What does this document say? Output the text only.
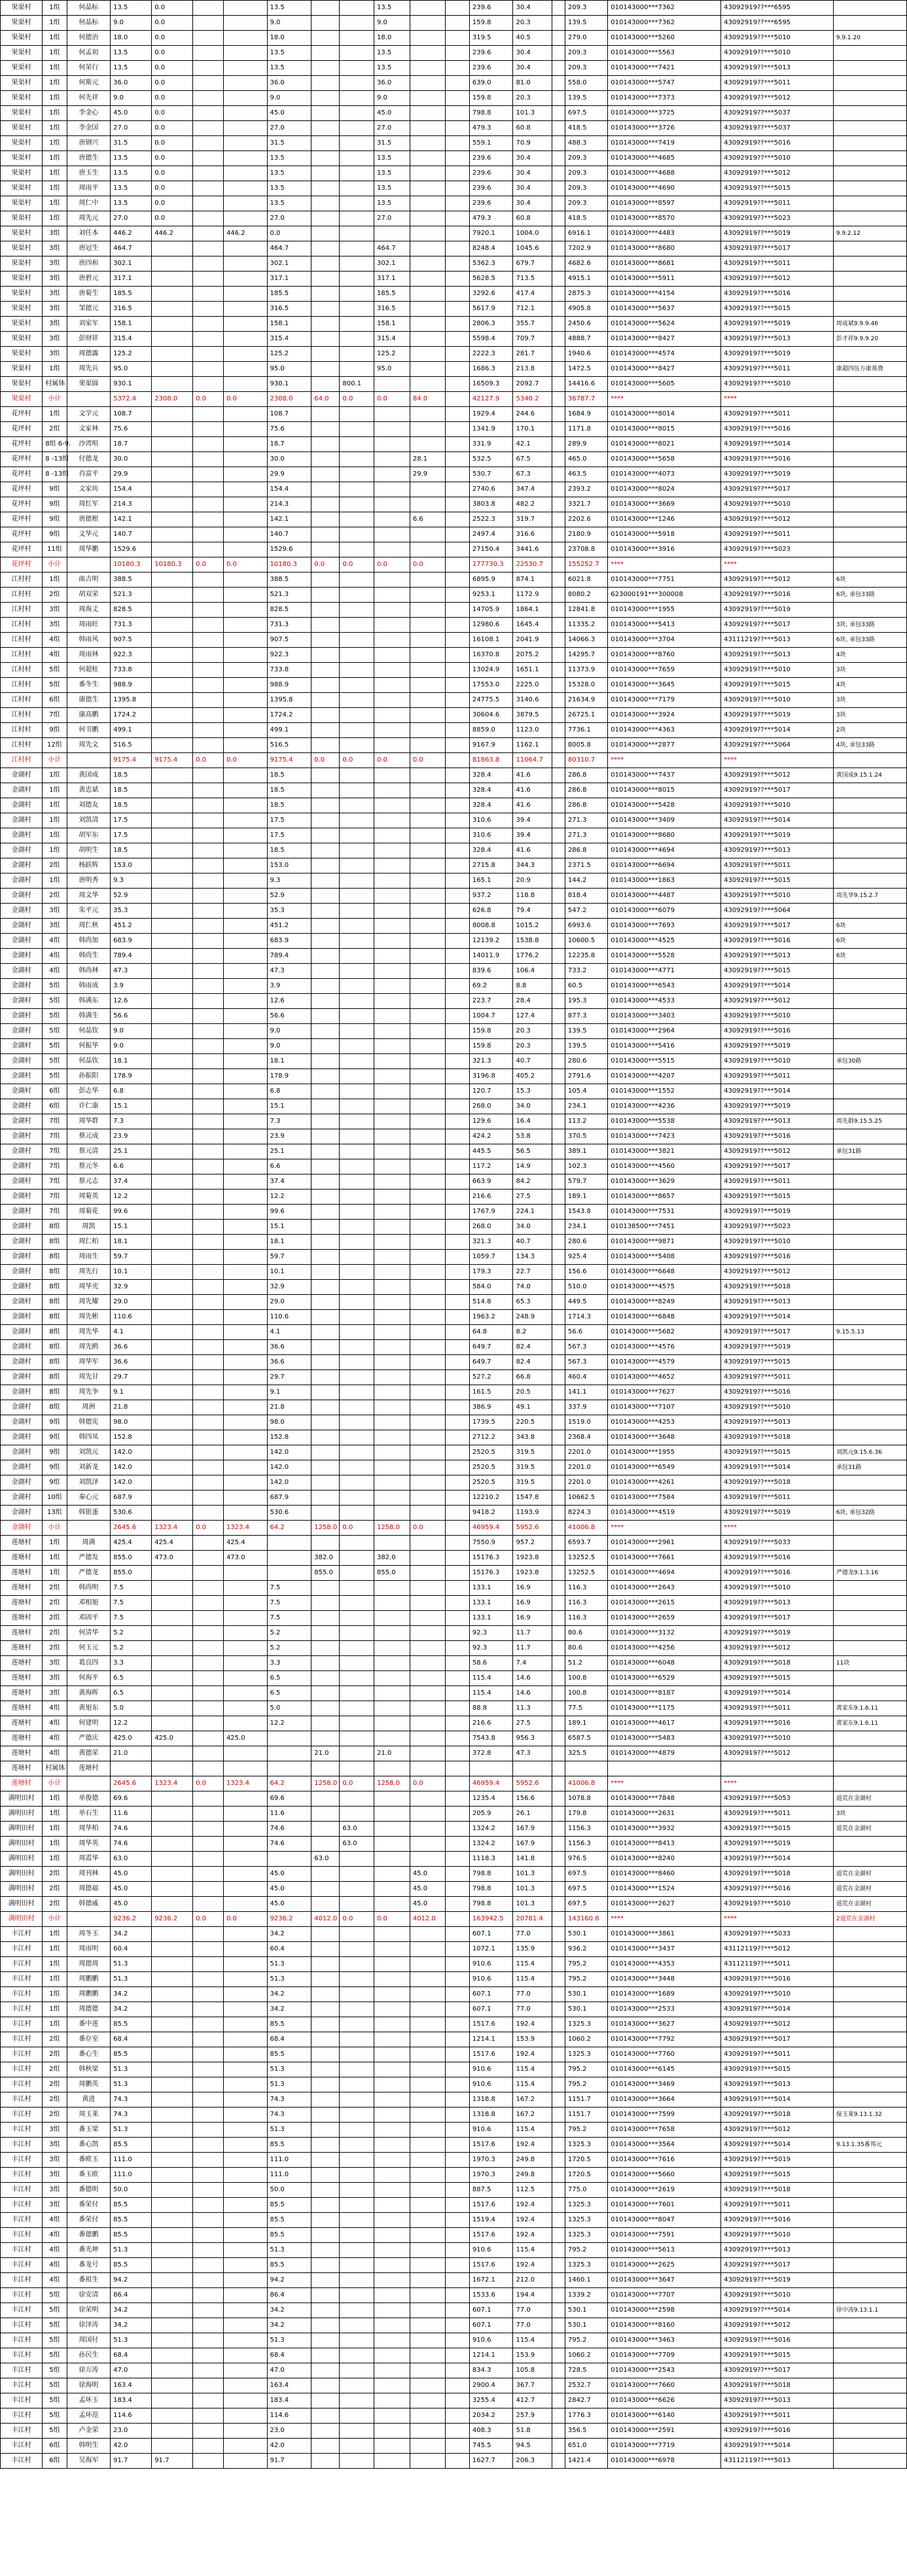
果渠村	1组	何晶标	13.5	0.0			13.5			13.5			239.6	30.4		209.3	010143000***7362	43092919??***6595	
果渠村	1组	何晶标	9.0	0.0			9.0			9.0			159.8	20.3		139.5	010143000***7362	43092919??***6595	
果渠村	1组	何德治	18.0	0.0			18.0			18.0			319.5	40.5		279.0	010143000***5260	43092919??***5010	9.9.1.20
果渠村	1组	何孟初	13.5	0.0			13.5			13.5			239.6	30.4		209.3	010143000***5563	43092919??***5010	
果渠村	1组	何荣行	13.5	0.0			13.5			13.5			239.6	30.4		209.3	010143000***7421	43092919??***5013	
果渠村	1组	何斯元	36.0	0.0			36.0			36.0			639.0	81.0		558.0	010143000***5747	43092919??***5011	
果渠村	1组	何先祥	9.0	0.0			9.0			9.0			159.8	20.3		139.5	010143000***7373	43092919??***5012	
果渠村	1组	李金心	45.0	0.0			45.0			45.0			798.8	101.3		697.5	010143000***3725	43092919??***5037	
果渠村	1组	李金国	27.0	0.0			27.0			27.0			479.3	60.8		418.5	010143000***3726	43092919??***5037	
果渠村	1组	唐钢兴	31.5	0.0			31.5			31.5			559.1	70.9		488.3	010143000***7419	43092919??***5016	
果渠村	1组	唐德生	13.5	0.0			13.5			13.5			239.6	30.4		209.3	010143000***4685	43092919??***5010	
果渠村	1组	唐玉生	13.5	0.0			13.5			13.5			239.6	30.4		209.3	010143000***4688	43092919??***5012	
果渠村	1组	周雨平	13.5	0.0			13.5			13.5			239.6	30.4		209.3	010143000***4690	43092919??***5015	
果渠村	1组	周仁中	13.5	0.0			13.5			13.5			239.6	30.4		209.3	010143000***8597	43092919??***5011	
果渠村	1组	周先元	27.0	0.0			27.0			27.0			479.3	60.8		418.5	010143000***8570	43092919??***5023	
果渠村	3组	刘任本	446.2	446.2		446.2	0.0						7920.1	1004.0		6916.1	010143000***4483	43092919??***5019	9.9.2.12
果渠村	3组	唐冠生	464.7				464.7			464.7			8248.4	1045.6		7202.9	010143000***8680	43092919??***5017	
果渠村	3组	唐四和	302.1				302.1			302.1			5362.3	679.7		4682.6	010143000***8681	43092919??***5011	
果渠村	3组	唐碧元	317.1				317.1			317.1			5628.5	713.5		4915.1	010143000***5911	43092919??***5012	
果渠村	3组	唐菊生	185.5				185.5			185.5			3292.6	417.4		2875.3	010143000***4154	43092919??***5016	
果渠村	3组	邹德元	316.5				316.5			316.5			5617.9	712.1		4905.8	010143000***5637	43092919??***5015	
果渠村	3组	刘家军	158.1				158.1			158.1			2806.3	355.7		2450.6	010143000***5624	43092919??***5019	周成斌9.9.9.46
果渠村	3组	彭财祥	315.4				315.4			315.4			5598.4	709.7		4888.7	010143000***8427	43092919??***5013	彭才祥9.9.9.20
果渠村	3组	周德露	125.2				125.2			125.2			2222.3	281.7		1940.6	010143000***4574	43092919??***5019	
果渠村	1组	周先兵	95.0				95.0			95.0			1686.3	213.8		1472.5	010143000***8427	43092919??***5011	康超四伍方康基费
果渠村	村属体	果渠圆	930.1				930.1		800.1				16509.3	2092.7		14416.6	010143000***5605	43092919??***5010	
果渠村	小计		5372.4	2308.0	0.0	0.0	2308.0	64.0	0.0	0.0	84.0		42127.9	5340.2		36787.7	****	****	
花坪村	1组	文学元	108.7				108.7						1929.4	244.6		1684.9	010143000***8014	43092919??***5011	
花坪村	2组	文家林	75.6				75.6						1341.9	170.1		1171.8	010143000***8015	43092919??***5016	
花坪村	8组 6-9.	沙湾咀	18.7				18.7						331.9	42.1		289.9	010143000***8021	43092919??***5014	
花坪村	8 -13组	付德龙	30.0				30.0				28.1		532.5	67.5		465.0	010143000***5658	43092919??***5016	
花坪村	8 -13组	肖富平	29.9				29.9				29.9		530.7	67.3		463.5	010143000***4073	43092919??***5019	
花坪村	9组	文家坊	154.4				154.4						2740.6	347.4		2393.2	010143000***8024	43092919??***5017	
花坪村	9组	周红军	214.3				214.3						3803.8	482.2		3321.7	010143000***3669	43092919??***5010	
花坪村	9组	唐德根	142.1				142.1				6.6		2522.3	319.7		2202.6	010143000***1246	43092919??***5012	
花坪村	9组	文华元	140.7				140.7						2497.4	316.6		2180.9	010143000***5918	43092919??***5011	
花坪村	11组	周华鹏	1529.6				1529.6						27150.4	3441.6		23708.8	010143000***3916	43092919??***5023	
花坪村	小计		10180.3	10180.3	0.0	0.0	10180.3	0.0	0.0	0.0	0.0		177730.3	22530.7		155252.7	****	****	
江村村	1组	曲吉明	388.5				388.5						6895.9	874.1		6021.8	010143000***7751	43092919??***5012	6块
江村村	2组	胡双荣	521.3				521.3						9253.1	1172.9		8080.2	623000191***300008	43092919??***5016	6块, 承包33路
江村村	3组	周海丈	828.5				828.5						14705.9	1864.1		12841.8	010143000***1955	43092919??***5019	
江村村	3组	周雨旺	731.3				731.3						12980.6	1645.4		11335.2	010143000***5413	43092919??***5017	3块, 承包33路
江村村	4组	韩雨风	907.5				907.5						16108.1	2041.9		14066.3	010143000***3704	43111219??***5013	6块, 承包33路
江村村	4组	周雨林	922.3				922.3						16370.8	2075.2		14295.7	010143000***8760	43092919??***5013	4块
江村村	5组	何超桂	733.8				733.8						13024.9	1651.1		11373.9	010143000***7659	43092919??***5010	3块
江村村	5组	番冬生	988.9				988.9						17553.0	2225.0		15328.0	010143000***3645	43092919??***5015	4块
江村村	6组	康德生	1395.8				1395.8						24775.5	3140.6		21634.9	010143000***7179	43092919??***5010	3块
江村村	7组	康高鹏	1724.2				1724.2						30604.6	3879.5		26725.1	010143000***3924	43092919??***5019	3块
江村村	9组	何书鹏	499.1				499.1						8859.0	1123.0		7736.1	010143000***4363	43092919??***5014	2块
江村村	12组	周先文	516.5				516.5						9167.9	1162.1		8005.8	010143000***2877	43092919??***5064	4块, 承包33路
江村村	小计		9175.4	9175.4	0.0	0.0	9175.4	0.0	0.0	0.0	0.0		81863.8	11064.7		80310.7	****	****	
金湖村	1组	黄国成	18.5				18.5						328.4	41.6		286.8	010143000***7437	43092919??***5012	黄国成9.15.1.24
金湖村	1组	黄忠斌	18.5				18.5						328.4	41.6		286.8	010143000***8015	43092919??***5017	
金湖村	1组	刘德友	18.5				18.5						328.4	41.6		286.8	010143000***5428	43092919??***5010	
金湖村	1组	刘凯清	17.5				17.5						310.6	39.4		271.3	010143000***3409	43092919??***5014	
金湖村	1组	胡军东	17.5				17.5						310.6	39.4		271.3	010143000***8680	43092919??***5019	
金湖村	1组	胡明生	18.5				18.5						328.4	41.6		286.8	010143000***4694	43092919??***5013	
金湖村	2组	杨跃辉	153.0				153.0						2715.8	344.3		2371.5	010143000***6694	43092919??***5011	
金湖村	1组	唐明秀	9.3				9.3						165.1	20.9		144.2	010143000***1863	43092919??***5015	
金湖村	2组	周文华	52.9				52.9						937.2	118.8		818.4	010143000***4487	43092919??***5010	周先华9.15.2.7
金湖村	3组	朱平元	35.3				35.3						626.8	79.4		547.2	010143000***6079	43092919??***5064	
金湖村	3组	周仁秋	451.2				451.2						8008.8	1015.2		6993.6	010143000***7693	43092919??***5017	6块
金湖村	4组	韩尚加	683.9				683.9						12139.2	1538.8		10600.5	010143000***4525	43092919??***5016	6块
金湖村	4组	韩尚生	789.4				789.4						14011.9	1776.2		12235.8	010143000***5528	43092919??***5013	6块
金湖村	4组	韩尚林	47.3				47.3						839.6	106.4		733.2	010143000***4771	43092919??***5015	
金湖村	5组	韩雨成	3.9				3.9						69.2	8.8		60.5	010143000***6543	43092919??***5014	
金湖村	5组	韩满东	12.6				12.6						223.7	28.4		195.3	010143000***4533	43092919??***5012	
金湖村	5组	韩满生	56.6				56.6						1004.7	127.4		877.3	010143000***3403	43092919??***5010	
金湖村	5组	何晶钦	9.0				9.0						159.8	20.3		139.5	010143000***2964	43092919??***5016	
金湖村	5组	何振华	9.0				9.0						159.8	20.3		139.5	010143000***5416	43092919??***5019	
金湖村	5组	何晶钦	18.1				18.1						321.3	40.7		280.6	010143000***5515	43092919??***5010	承包30路
金湖村	5组	孙振阳	178.9				178.9						3196.8	405.2		2791.6	010143000***4207	43092919??***5011	
金湖村	6组	彭志华	6.8				6.8						120.7	15.3		105.4	010143000***1552	43092919??***5014	
金湖村	6组	许仁康	15.1				15.1						268.0	34.0		234.1	010143000***4236	43092919??***5019	
金湖村	7组	周华群	7.3				7.3						129.6	16.4		113.2	010143000***5538	43092919??***5013	周先群9.15.5.25
金湖村	7组	蔡元成	23.9				23.9						424.2	53.8		370.5	010143000***7423	43092919??***5016	
金湖村	7组	蔡元清	25.1				25.1						445.5	56.5		389.1	010143000***3821	43092919??***5012	承包31路
金湖村	7组	蔡元冬	6.6				6.6						117.2	14.9		102.3	010143000***4560	43092919??***5017	
金湖村	7组	蔡元志	37.4				37.4						663.9	84.2		579.7	010143000***3629	43092919??***5011	
金湖村	7组	周菊英	12.2				12.2						216.6	27.5		189.1	010143000***8657	43092919??***5015	
金湖村	7组	周菊花	99.6				99.6						1767.9	224.1		1543.8	010143000***7531	43092919??***5019	
金湖村	8组	周凯	15.1				15.1						268.0	34.0		234.1	010138500***7451	43092919??***5023	
金湖村	8组	周仁柏	18.1				18.1						321.3	40.7		280.6	010143000***9871	43092919??***5010	
金湖村	8组	周雨生	59.7				59.7						1059.7	134.3		925.4	010143000***5408	43092919??***5016	
金湖村	8组	周先行	10.1				10.1						179.3	22.7		156.6	010143000***6648	43092919??***5012	
金湖村	8组	周华光	32.9				32.9						584.0	74.0		510.0	010143000***4575	43092919??***5018	
金湖村	8组	周先耀	29.0				29.0						514.8	65.3		449.5	010143000***8249	43092919??***5013	
金湖村	8组	周先彬	110.6				110.6						1963.2	248.9		1714.3	010143000***6848	43092919??***5014	
金湖村	8组	周先华	4.1				4.1						64.8	8.2		56.6	010143000***5682	43092919??***5017	9.15.5.13
金湖村	8组	周先鸥	36.6				36.6						649.7	82.4		567.3	010143000***4576	43092919??***5019	
金湖村	8组	周华军	36.6				36.6						649.7	82.4		567.3	010143000***4579	43092919??***5015	
金湖村	8组	周先甘	29.7				29.7						527.2	66.8		460.4	010143000***4652	43092919??***5011	
金湖村	8组	周先争	9.1				9.1						161.5	20.5		141.1	010143000***7627	43092919??***5016	
金湖村	8组	周洲	21.8				21.8						386.9	49.1		337.9	010143000***7107	43092919??***5010	
金湖村	9组	韩德宪	98.0				98.0						1739.5	220.5		1519.0	010143000***4253	43092919??***5013	
金湖村	9组	韩四凤	152.8				152.8						2712.2	343.8		2368.4	010143000***3648	43092919??***5018	
金湖村	9组	刘凯元	142.0				142.0						2520.5	319.5		2201.0	010143000***1955	43092919??***5015	刘凯元9.15.6.36
金湖村	9组	刘新龙	142.0				142.0						2520.5	319.5		2201.0	010143000***6549	43092919??***5014	承包31路
金湖村	9组	刘凯泽	142.0				142.0						2520.5	319.5		2201.0	010143000***4261	43092919??***5018	
金湖村	10组	秦心元	687.9				687.9						12210.2	1547.8		10662.5	010143000***7584	43092919??***5011	
金湖村	13组	韩银蛋	530.6				530.6						9418.2	1193.9		8224.3	010143000***4519	43092919??***5019	6块, 承包32路
金湖村	小计		2645.6	1323.4	0.0	1323.4	64.2	1258.0	0.0	1258.0	0.0		46959.4	5952.6		41006.8	****	****	
莲塘村	1组	周满	425.4	425.4		425.4							7550.9	957.2		6593.7	010143000***2961	43092919??***5033	
莲塘村	1组	严德发	855.0	473.0		473.0		382.0		382.0			15176.3	1923.8		13252.5	010143000***7661	43092919??***5016	
莲塘村	1组	严德龙	855.0					855.0		855.0			15176.3	1923.8		13252.5	010143000***4694	43092919??***5016	严德龙9.1.3.16
莲塘村	2组	韩尚明	7.5				7.5						133.1	16.9		116.3	010143000***2643	43092919??***5010	
莲塘村	2组	邓相旭	7.5				7.5						133.1	16.9		116.3	010143000***2615	43092919??***5013	
莲塘村	2组	邓固平	7.5				7.5						133.1	16.9		116.3	010143000***2659	43092919??***5017	
莲塘村	2组	何清华	5.2				5.2						92.3	11.7		80.6	010143000***3132	43092919??***5019	
莲塘村	2组	何玉元	5.2				5.2						92.3	11.7		80.6	010143000***4256	43092919??***5012	
莲塘村	3组	葛良四	3.3				3.3						58.6	7.4		51.2	010143000***6048	43092919??***5018	11块
莲塘村	3组	何海平	6.5				6.5						115.4	14.6		100.8	010143000***6529	43092919??***5015	
莲塘村	3组	黄海晖	6.5				6.5						115.4	14.6		100.8	010143000***8187	43092919??***5014	
莲塘村	4组	黄旭东	5.0				5.0						88.8	11.3		77.5	010143000***1175	43092919??***5011	黄家东9.1.6.11
莲塘村	4组	何建明	12.2				12.2						216.6	27.5		189.1	010143000***4617	43092919??***5016	黄家东9.1.6.11
莲塘村	4组	严德庆	425.0	425.0		425.0							7543.8	956.3		6587.5	010143000***5483	43092919??***5010	
莲塘村	4组	黄德荣	21.0					21.0		21.0			372.8	47.3		325.5	010143000***4879	43092919??***5012	
莲塘村	村属体	莲塘村																	
莲塘村	小计		2645.6	1323.4	0.0	1323.4	64.2	1258.0	0.0	1258.0	0.0		46959.4	5952.6		41006.8	****	****	
满明田村	1组	单俊德	69.6				69.6						1235.4	156.6		1078.8	010143000***7848	43092919??***5053	道荒在金湖村
满明田村	1组	单石生	11.6				11.6						205.9	26.1		179.8	010143000***2631	43092919??***5011	3块
满明田村	1组	周华柏	74.6				74.6		63.0				1324.2	167.9		1156.3	010143000***3932	43092919??***5015	道荒在金湖村
满明田村	1组	周华英	74.6				74.6		63.0				1324.2	167.9		1156.3	010143000***8413	43092919??***5019	
满明田村	1组	周霞华	63.0					63.0					1118.3	141.8		976.5	010143000***8240	43092919??***5014	
满明田村	2组	周刊林	45.0				45.0				45.0		798.8	101.3		697.5	010143000***8460	43092919??***5018	道荒在金湖村
满明田村	2组	周德福	45.0				45.0				45.0		798.8	101.3		697.5	010143000***1524	43092919??***5016	道荒在金湖村
满明田村	2组	韩德威	45.0				45.0				45.0		798.8	101.3		697.5	010143000***2627	43092919??***5010	道荒在金湖村
满明田村	小计		9236.2	9236.2	0.0	0.0	9236.2	4012.0	0.0	0.0	4012.0		163942.5	20781.4		143160.8	****	****	2道荒在金湖村
丰江村	1组	周冬玉	34.2				34.2						607.1	77.0		530.1	010143000***3861	43092919??***5033	
丰江村	1组	周雨明	60.4				60.4						1072.1	135.9		936.2	010143000***3437	43112119??***5012	
丰江村	1组	周德周	51.3				51.3						910.6	115.4		795.2	010143000***4353	43112119??***5011	
丰江村	1组	周鹏鹏	51.3				51.3						910.6	115.4		795.2	010143000***3448	43092919??***5016	
丰江村	1组	周鹏鹏	34.2				34.2						607.1	77.0		530.1	010143000***1689	43092919??***5010	
丰江村	1组	周德德	34.2				34.2						607.1	77.0		530.1	010143000***2533	43092919??***5014	
丰江村	1组	番中莲	85.5				85.5						1517.6	192.4		1325.3	010143000***3627	43092919??***5012	
丰江村	2组	番存室	68.4				68.4						1214.1	153.9		1060.2	010143000***7792	43092919??***5017	
丰江村	2组	番心生	85.5				85.5						1517.6	192.4		1325.3	010143000***7760	43092919??***5011	
丰江村	2组	韩秋梁	51.3				51.3						910.6	115.4		795.2	010143000***6145	43092919??***5015	
丰江村	2组	周鹏英	51.3				51.3						910.6	115.4		795.2	010143000***3469	43092919??***5013	
丰江村	2组	黄进	74.3				74.3						1318.8	167.2		1151.7	010143000***3664	43092919??***5014	
丰江村	2组	周玉莱	74.3				74.3						1318.8	167.2		1151.7	010143000***7599	43092919??***5018	保玉莱9.13.1.32
丰江村	3组	番玉梁	51.3				51.3						910.6	115.4		795.2	010143000***7658	43092919??***5012	
丰江村	3组	番心凯	85.5				85.5						1517.6	192.4		1325.3	010143000***3564	43092919??***5014	9.13.1.35番邦元
丰江村	3组	番欧玉	111.0				111.0						1970.3	249.8		1720.5	010143000***7616	43092919??***5019	
丰江村	3组	番玉欧	111.0				111.0						1970.3	249.8		1720.5	010143000***5660	43092919??***5015	
丰江村	3组	番德明	50.0				50.0						887.5	112.5		775.0	010143000***2619	43092919??***5018	
丰江村	3组	番荣付	85.5				85.5						1517.6	192.4		1325.3	010143000***7601	43092919??***5011	
丰江村	4组	番荣付	85.5				85.5						1519.4	192.4		1325.3	010143000***8047	43092919??***5016	
丰江村	4组	番德鹏	85.5				85.5						1517.6	192.4		1325.3	010143000***7591	43092919??***5010	
丰江村	4组	番光坤	51.3				51.3						910.6	115.4		795.2	010143000***5613	43092919??***5013	
丰江村	4组	番龙号	85.5				85.5						1517.6	192.4		1325.3	010143000***2625	43092919??***5017	
丰江村	4组	番祖生	94.2				94.2						1672.1	212.0		1460.1	010143000***3647	43092919??***5019	
丰江村	5组	徐安清	86.4				86.4						1533.6	194.4		1339.2	010143000***7707	43092919??***5010	
丰江村	5组	徐荣明	34.2				34.2						607.1	77.0		530.1	010143000***2598	43092919??***5014	徐中涛9.13.1.1
丰江村	5组	徐泽涛	34.2				34.2						607.1	77.0		530.1	010143000***8160	43092919??***5012	
丰江村	5组	周国付	51.3				51.3						910.6	115.4		795.2	010143000***3463	43092919??***5016	
丰江村	5组	孙民生	68.4				68.4						1214.1	153.9		1060.2	010143000***7709	43092919??***5015	
丰江村	5组	徐万涛	47.0				47.0						834.3	105.8		728.5	010143000***2543	43092919??***5017	
丰江村	5组	徐海明	163.4				163.4						2900.4	367.7		2532.7	010143000***7660	43092919??***5018	
丰江村	5组	孟环玉	183.4				183.4						3255.4	412.7		2842.7	010143000***6626	43092919??***5013	
丰江村	5组	孟环范	114.6				114.6						2034.2	257.9		1776.3	010143000***6140	43092919??***5011	
丰江村	5组	卢金荣	23.0				23.0						408.3	51.8		356.5	010143000***2591	43092919??***5016	
丰江村	6组	韩明生	42.0				42.0						745.5	94.5		651.0	010143000***7719	43092919??***5014	
丰江村	6组	吴海军	91.7	91.7			91.7						1627.7	206.3		1421.4	010143000***6978	43112119??***5013	
